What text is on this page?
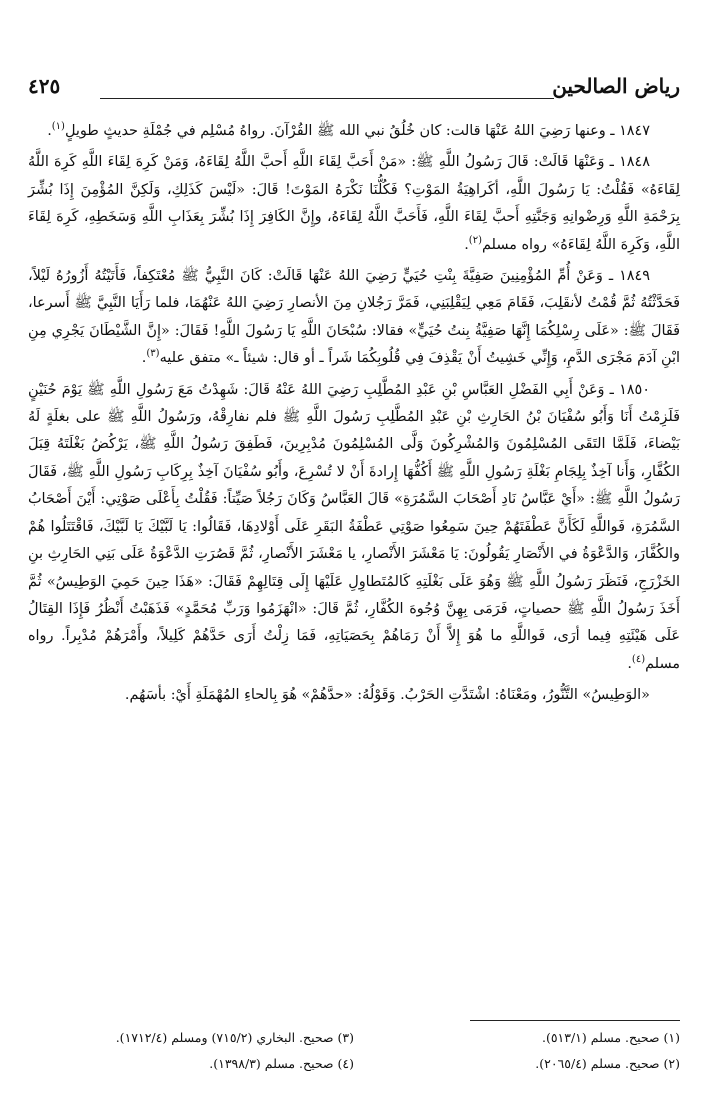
رياض الصالحين
٤٢٥

١٨٤٧ ـ وعنها رَضِيَ اللهُ عَنْهَا قالت: كان خُلُقُ نبي الله ﷺ القُرْآنَ. رواهُ مُسْلِم في جُمْلَةِ حديثٍ طويلٍ$^{(١)}$.

١٨٤٨ ـ وَعَنْهَا قَالَتْ: قَالَ رَسُولُ اللَّهِ ﷺ: «مَنْ أَحَبَّ لِقَاءَ اللَّهِ أَحبَّ اللَّهُ لِقَاءَهُ، وَمَنْ كَرِهَ لِقَاءَ اللَّهِ كَرِهَ اللَّهُ لِقَاءَهُ» فَقُلْتُ: يَا رَسُولَ اللَّهِ، أكَراهِيَةُ المَوْتِ؟ فَكُلُّنَا نَكْرَهُ المَوْتَ! قَالَ: «لَيْسَ كَذَلِكِ، وَلَكِنَّ المُؤْمِنَ إِذَا بُشِّرَ بِرَحْمَةِ اللَّهِ وَرِضْوانِهِ وَجَنَّتِهِ أَحبَّ لِقَاءَ اللَّهِ، فَأَحَبَّ اللَّهُ لِقَاءَهُ، وإِنَّ الكَافِرَ إِذَا بُشِّرَ بِعَذَابِ اللَّهِ وَسَخَطِهِ، كَرِهَ لِقَاءَ اللَّهِ، وَكَرِهَ اللَّهُ لِقَاءَهُ» رواه مسلم$^{(٢)}$.

١٨٤٩ ـ وَعَنْ أُمِّ المُؤْمِنِينَ صَفِيَّةَ بِنْتِ حُيَيٍّ رَضِيَ اللهُ عَنْهَا قَالَتْ: كَانَ النَّبِيُّ ﷺ مُعْتَكِفاً، فَأَتَيْتُهُ أَزُورُهُ لَيْلاً، فَحَدَّثْتُهُ ثُمَّ قُمْتُ لأنقَلِبَ، فَقَامَ مَعِي لِيَقْلِبَنِي، فَمَرَّ رَجُلانِ مِنَ الأنصارِ رَضِيَ اللهُ عَنْهُمَا، فلما رَأَيَا النَّبِيَّ ﷺ أَسرعا، فَقَالَ ﷺ: «عَلَى رِسْلِكُمَا إِنَّهَا صَفِيَّةُ بِنتُ حُيَيٍّ» فقالا: سُبْحَانَ اللَّهِ يَا رَسُولَ اللَّهِ! فَقَالَ: «إِنَّ الشَّيْطَانَ يَجْرِي مِنِ ابْنِ آدَمَ مَجْرَى الدَّمِ، وَإِنِّي خَشِيتُ أَنْ يَقْذِفَ فِي قُلُوبِكُمَا شَراً ـ أو قال: شيئاً ـ» متفق عليه$^{(٣)}$.

١٨٥٠ ـ وَعَنْ أَبِي الفَضْلِ العَبَّاسِ بْنِ عَبْدِ المُطَّلِبِ رَضِيَ اللهُ عَنْهُ قَالَ: شَهِدْتُ مَعَ رَسُولِ اللَّهِ ﷺ يَوْمَ حُنَيْنٍ فَلَزِمْتُ أَنَا وَأَبُو سُفْيَانَ بْنُ الحَارِثِ بْنِ عَبْدِ المُطَّلِبِ رَسُولَ اللَّهِ ﷺ فلم نفارِقْهُ، ورَسُولُ اللَّهِ ﷺ على بغلَةٍ لَهُ بَيْضاءَ، فَلَمَّا التَقَى المُسْلِمُونَ وَالمُشْرِكُونَ وَلَّى المُسْلِمُونَ مُدْبِرِينَ، فَطَفِقَ رَسُولُ اللَّهِ ﷺ، يَرْكُضُ بَغْلَتَهُ قِبَلَ الكُفَّارِ، وَأَنا آخِذٌ بِلِجَامِ بَغْلَةِ رَسُولِ اللَّهِ ﷺ أَكُفُّهَا إِرادةَ أَنْ لا تُسْرِعَ، وأَبُو سُفْيَانَ آخِذٌ بِرِكَابِ رَسُولِ اللَّهِ ﷺ، فَقَالَ رَسُولُ اللَّهِ ﷺ: «أَيْ عَبَّاسُ نَادِ أَصْحَابَ السَّمُرَةِ» قَالَ العَبَّاسُ وَكَانَ رَجُلاً صَيِّتاً: فَقُلْتُ بِأَعْلَى صَوْتِي: أَيْنَ أَصْحَابُ السَّمُرَةِ، فَواللَّهِ لَكَأَنَّ عَطْفَتَهُمْ حِينَ سَمِعُوا صَوْتِي عَطْفَةُ البَقَرِ عَلَى أَوْلادِهَا، فَقَالُوا: يَا لَبَّيْكَ يَا لَبَّيْكَ، فَاقْتَتَلُوا هُمْ والكُفَّارَ، وَالدَّعْوَةُ في الأَنْصَارِ يَقُولُونَ: يَا مَعْشَرَ الأَنْصارِ، يا مَعْشَرَ الأَنْصارِ، ثُمَّ قَصُرَتِ الدَّعْوَةُ عَلَى بَنِي الحَارِثِ بنِ الخَزْرَجِ، فَنَظَرَ رَسُولُ اللَّهِ ﷺ وَهُوَ عَلَى بَغْلَتِهِ كَالمُتَطاوِلِ عَلَيْهَا إِلَى قِتَالِهِمْ فَقَالَ: «هَذَا حِينَ حَمِيَ الوَطِيسُ» ثُمَّ أَخَذَ رَسُولُ اللَّهِ ﷺ حصياتٍ، فَرَمَى بِهِنَّ وُجُوهَ الكُفَّارِ، ثُمَّ قَالَ: «انْهَزَمُوا وَرَبِّ مُحَمَّدٍ» فَذَهَبْتُ أَنْظُرُ فَإِذَا القِتَالُ عَلَى هَيْئَتِهِ فِيما أرَى، فَواللَّهِ ما هُوَ إِلاَّ أَنْ رَمَاهُمْ بِحَصَيَاتِهِ، فَمَا زِلْتُ أَرَى حَدَّهُمْ كَلِيلاً، وأَمْرَهُمْ مُدْبِراً. رواه مسلم$^{(٤)}$.

«الوَطِيسُ» التَّنُّورُ، ومَعْنَاهُ: اشْتَدَّتِ الحَرْبُ. وَقَوْلُهُ: «حدَّهُمْ» هُوَ بِالحاءِ المُهْمَلَةِ أَيْ: بأسَهُم.

(١) صحيح. مسلم (٥١٣/١).
(٣) صحيح. البخاري (٧١٥/٢) ومسلم (١٧١٢/٤).
(٢) صحيح. مسلم (٢٠٦٥/٤).
(٤) صحيح. مسلم (١٣٩٨/٣).
